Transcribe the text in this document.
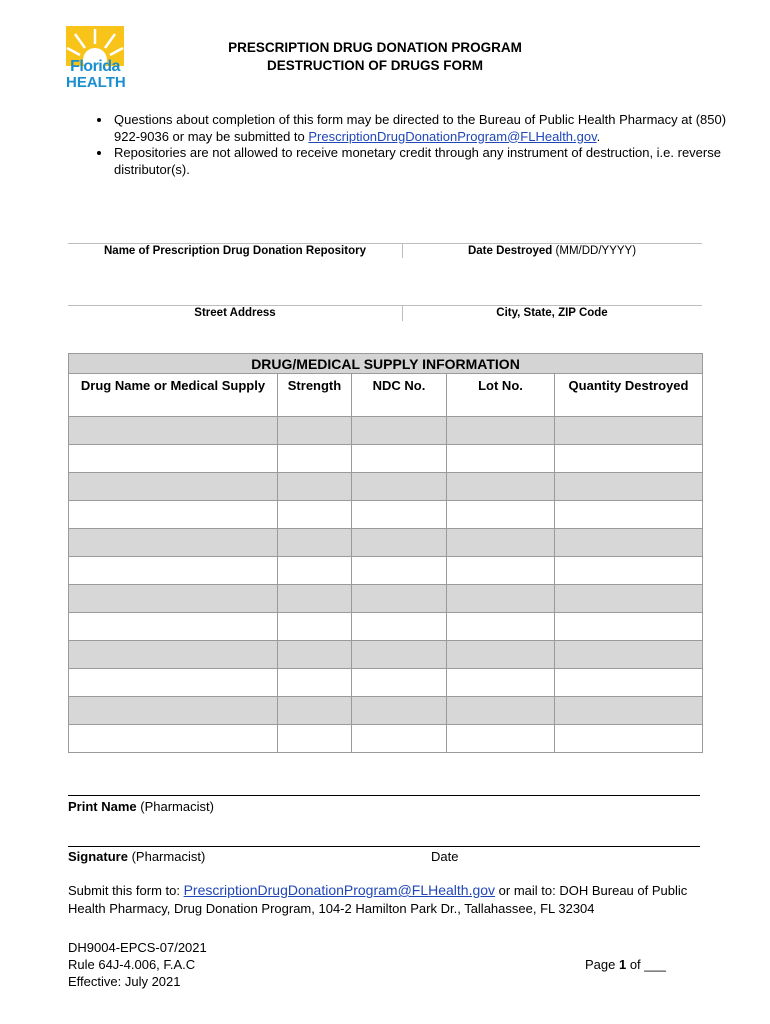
Florida
HEALTH
PRESCRIPTION DRUG DONATION PROGRAM
DESTRUCTION OF DRUGS FORM
• Questions about completion of this form may be directed to the Bureau of Public Health Pharmacy at (850) 922-9036 or may be submitted to PrescriptionDrugDonationProgram@FLHealth.gov.
• Repositories are not allowed to receive monetary credit through any instrument of destruction, i.e. reverse distributor(s).
Name of Prescription Drug Donation Repository	Date Destroyed (MM/DD/YYYY)
Street Address	City, State, ZIP Code
DRUG/MEDICAL SUPPLY INFORMATION				
Drug Name or Medical Supply	Strength	NDC No.	Lot No.	Quantity Destroyed

Print Name (Pharmacist)
Signature (Pharmacist)	Date
Submit this form to: PrescriptionDrugDonationProgram@FLHealth.gov or mail to: DOH Bureau of Public Health Pharmacy, Drug Donation Program, 104-2 Hamilton Park Dr., Tallahassee, FL 32304
DH9004-EPCS-07/2021
Rule 64J-4.006, F.A.C
Effective: July 2021
Page 1 of ___
